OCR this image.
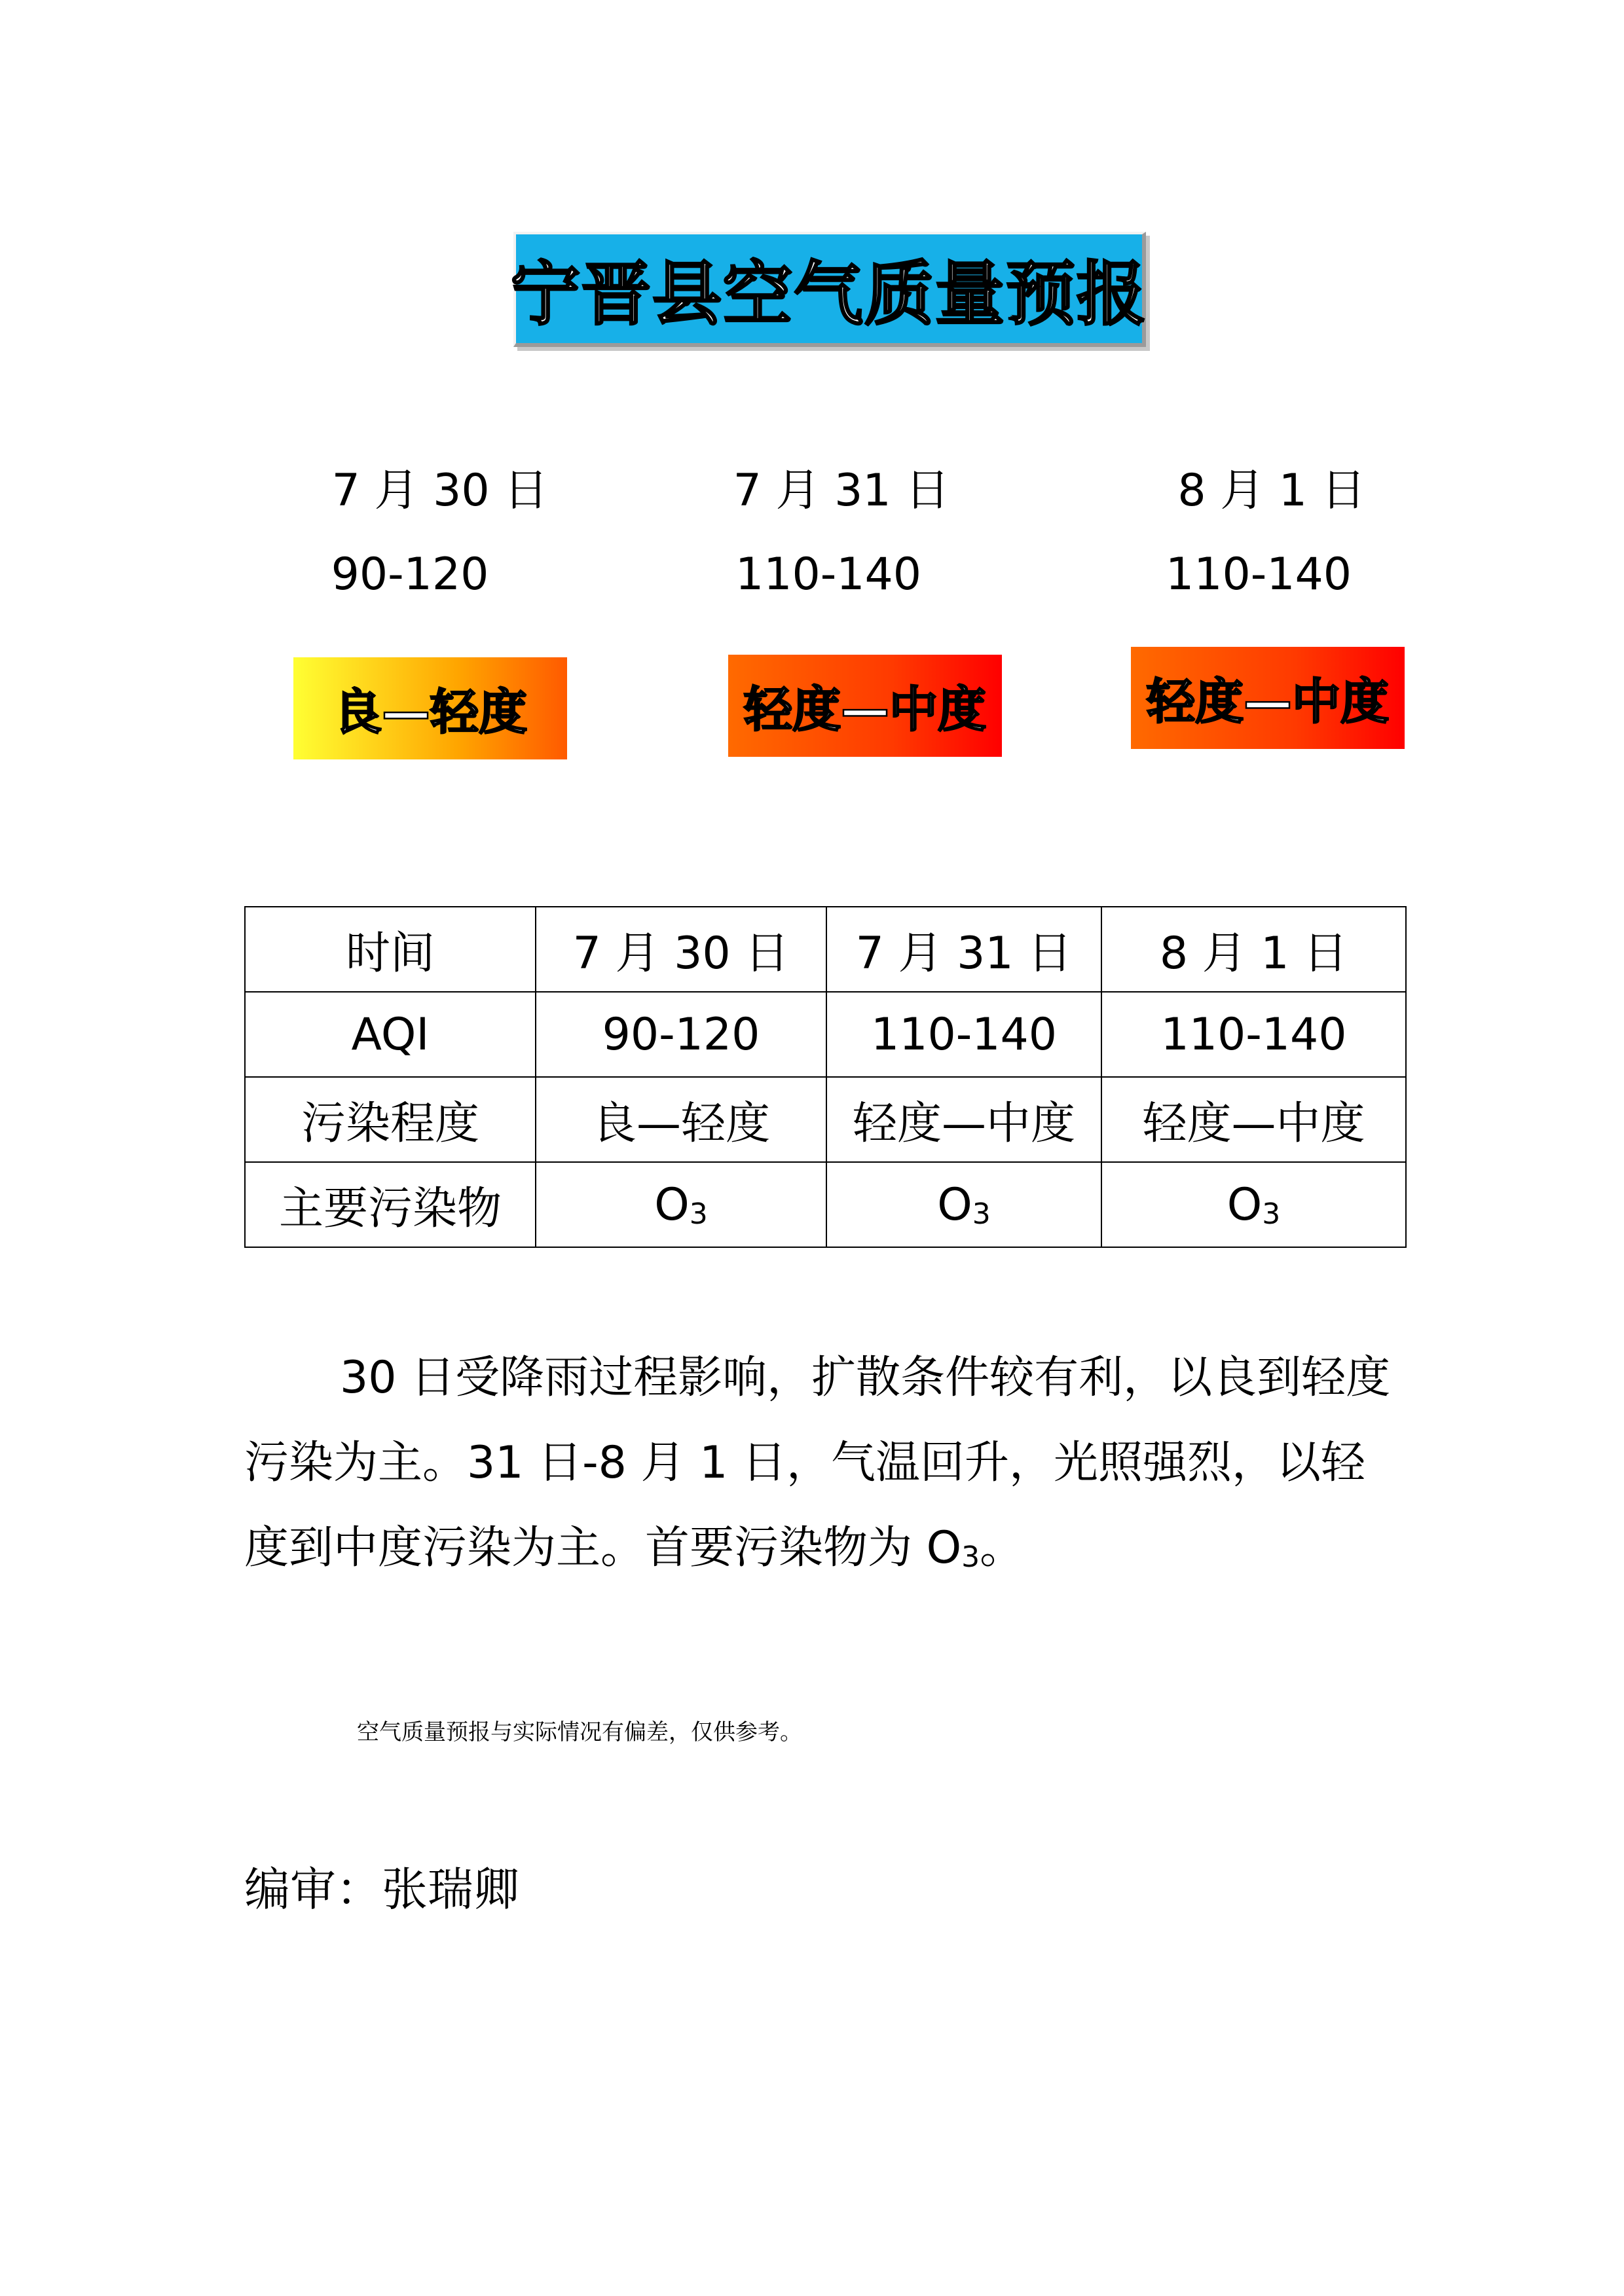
宁晋县空气质量预报
7 月 30 日	7 月 31 日	8 月 1 日
90-120	110-140	110-140
良—轻度	轻度—中度	轻度—中度
时间	7 月 30 日	7 月 31 日	8 月 1 日
AQI	90-120	110-140	110-140
污染程度	良—轻度	轻度—中度	轻度—中度
主要污染物	$O_3$	$O_3$	$O_3$

30 日受降雨过程影响，扩散条件较有利，以良到轻度污染为主。31 日-8 月 1 日，气温回升，光照强烈，以轻度到中度污染为主。首要污染物为 $O_3$。

空气质量预报与实际情况有偏差，仅供参考。
编审：张瑞卿
